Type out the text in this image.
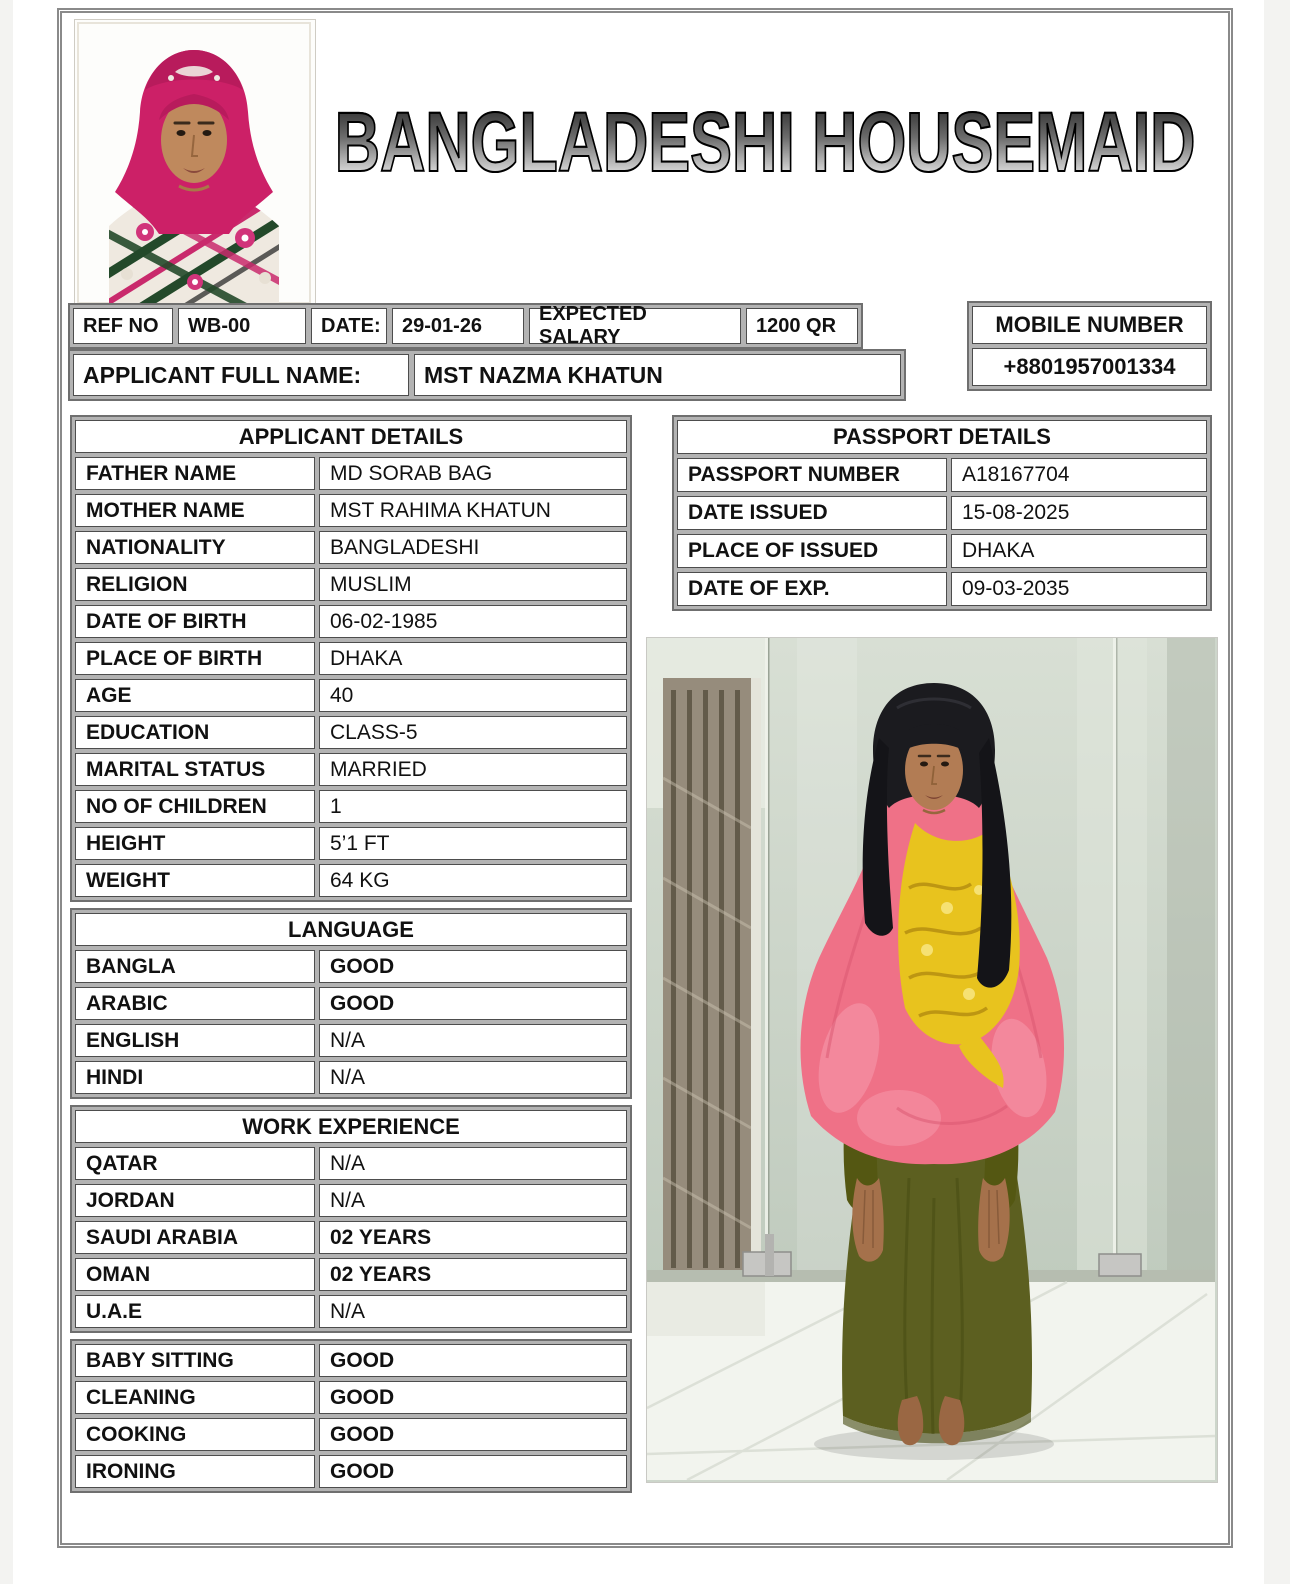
BANGLADESHI HOUSEMAID
REF NO	WB-00	DATE:	29-01-26
EXPECTED SALARY
1200 QR
APPLICANT FULL NAME:	MST NAZMA KHATUN
MOBILE NUMBER
+8801957001334
APPLICANT DETAILS
FATHER NAME	MD SORAB BAG
MOTHER NAME	MST RAHIMA KHATUN
NATIONALITY	BANGLADESHI
RELIGION	MUSLIM
DATE OF BIRTH	06-02-1985
PLACE OF BIRTH	DHAKA
AGE	40
EDUCATION	CLASS-5
MARITAL STATUS	MARRIED
NO OF CHILDREN	1
HEIGHT	5’1 FT
WEIGHT	64 KG
LANGUAGE
BANGLA	GOOD
ARABIC	GOOD
ENGLISH	N/A
HINDI	N/A
WORK EXPERIENCE
QATAR	N/A
JORDAN	N/A
SAUDI ARABIA	02 YEARS
OMAN	02 YEARS
U.A.E	N/A
BABY SITTING	GOOD
CLEANING	GOOD
COOKING	GOOD
IRONING	GOOD
PASSPORT DETAILS
PASSPORT NUMBER	A18167704
DATE ISSUED	15-08-2025
PLACE OF ISSUED	DHAKA
DATE OF EXP.	09-03-2035
